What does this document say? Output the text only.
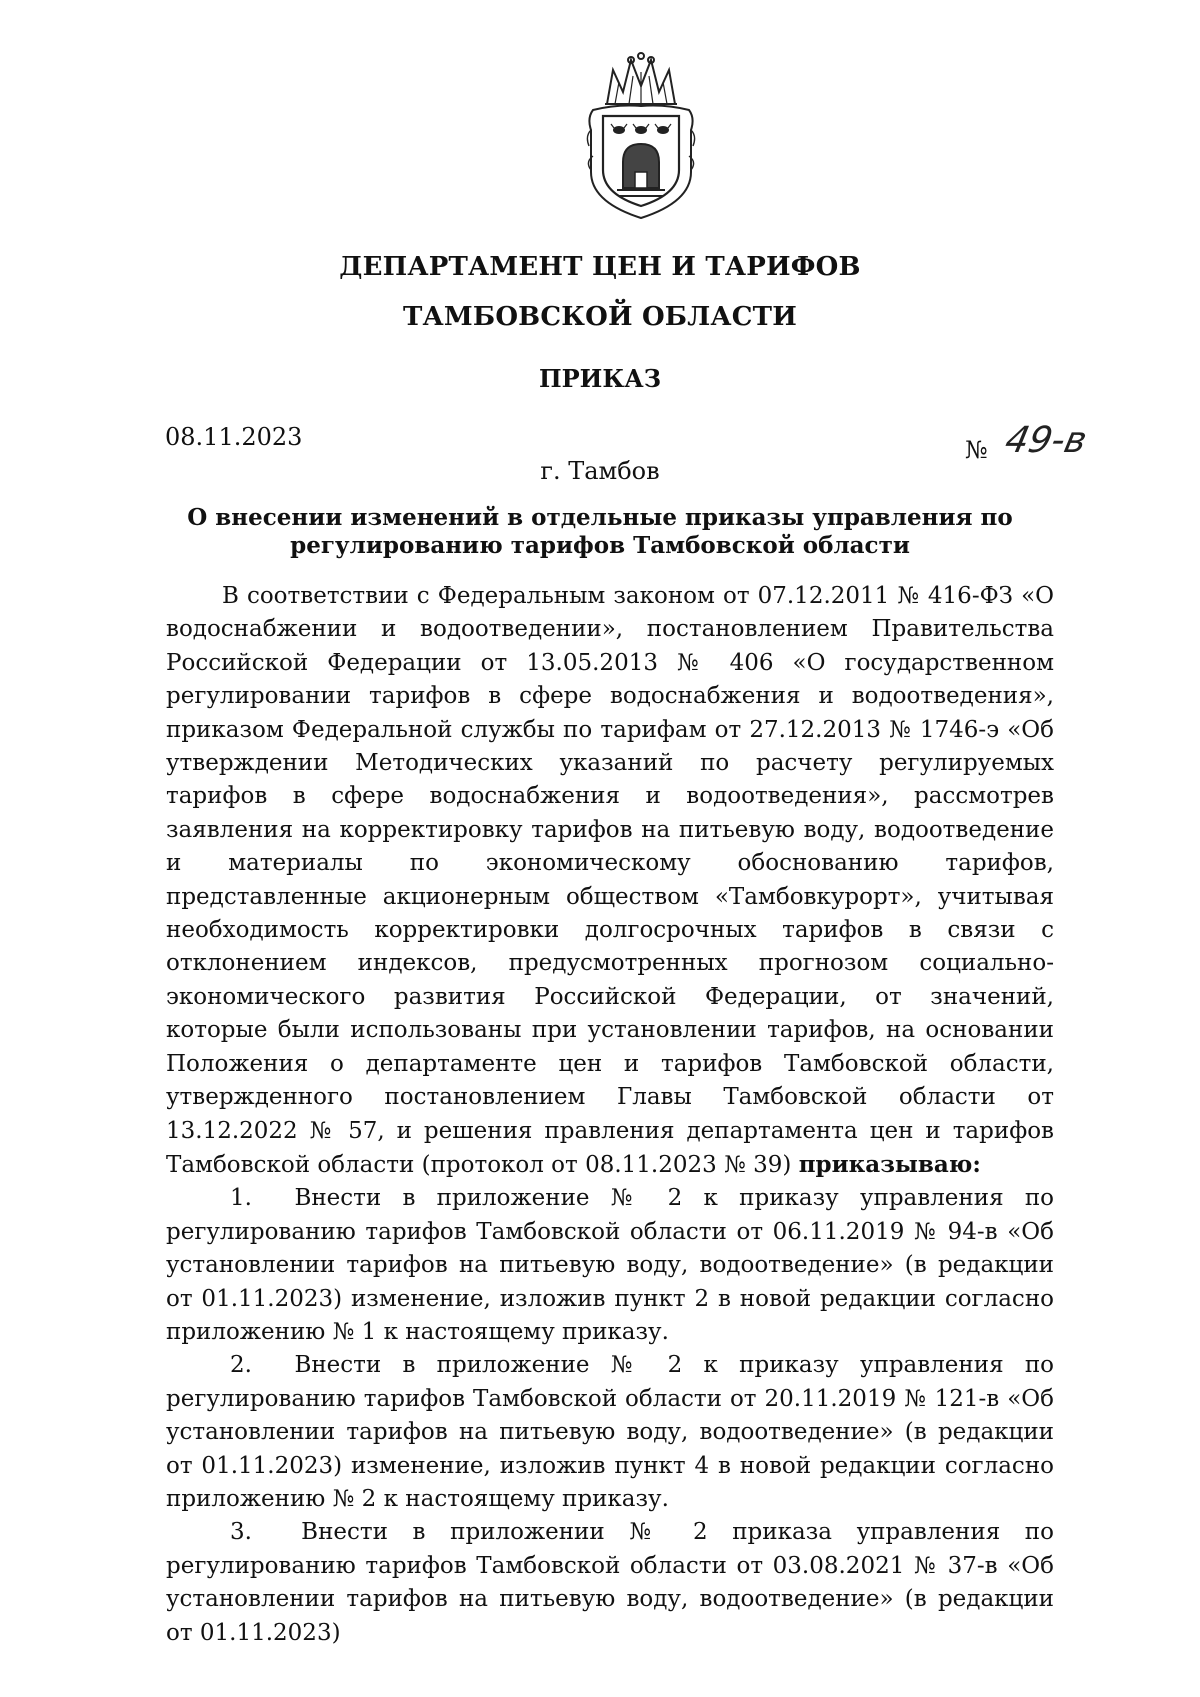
ДЕПАРТАМЕНТ ЦЕН И ТАРИФОВ
ТАМБОВСКОЙ ОБЛАСТИ
ПРИКАЗ
08.11.2023	№ 49-в
г. Тамбов
О внесении изменений в отдельные приказы управления по
регулированию тарифов Тамбовской области

В соответствии с Федеральным законом от 07.12.2011 № 416-ФЗ «О водоснабжении и водоотведении», постановлением Правительства Российской Федерации от 13.05.2013 № 406 «О государственном регулировании тарифов в сфере водоснабжения и водоотведения», приказом Федеральной службы по тарифам от 27.12.2013 № 1746-э «Об утверждении Методических указаний по расчету регулируемых тарифов в сфере водоснабжения и водоотведения», рассмотрев заявления на корректировку тарифов на питьевую воду, водоотведение и материалы по экономическому обоснованию тарифов, представленные акционерным обществом «Тамбовкурорт», учитывая необходимость корректировки долгосрочных тарифов в связи с отклонением индексов, предусмотренных прогнозом социально-экономического развития Российской Федерации, от значений, которые были использованы при установлении тарифов, на основании Положения о департаменте цен и тарифов Тамбовской области, утвержденного постановлением Главы Тамбовской области от 13.12.2022 № 57, и решения правления департамента цен и тарифов Тамбовской области (протокол от 08.11.2023 № 39) приказываю:

1. Внести в приложение № 2 к приказу управления по регулированию тарифов Тамбовской области от 06.11.2019 № 94-в «Об установлении тарифов на питьевую воду, водоотведение» (в редакции от 01.11.2023) изменение, изложив пункт 2 в новой редакции согласно приложению № 1 к настоящему приказу.

2. Внести в приложение № 2 к приказу управления по регулированию тарифов Тамбовской области от 20.11.2019 № 121-в «Об установлении тарифов на питьевую воду, водоотведение» (в редакции от 01.11.2023) изменение, изложив пункт 4 в новой редакции согласно приложению № 2 к настоящему приказу.

3. Внести в приложении № 2 приказа управления по регулированию тарифов Тамбовской области от 03.08.2021 № 37-в «Об установлении тарифов на питьевую воду, водоотведение» (в редакции от 01.11.2023)
